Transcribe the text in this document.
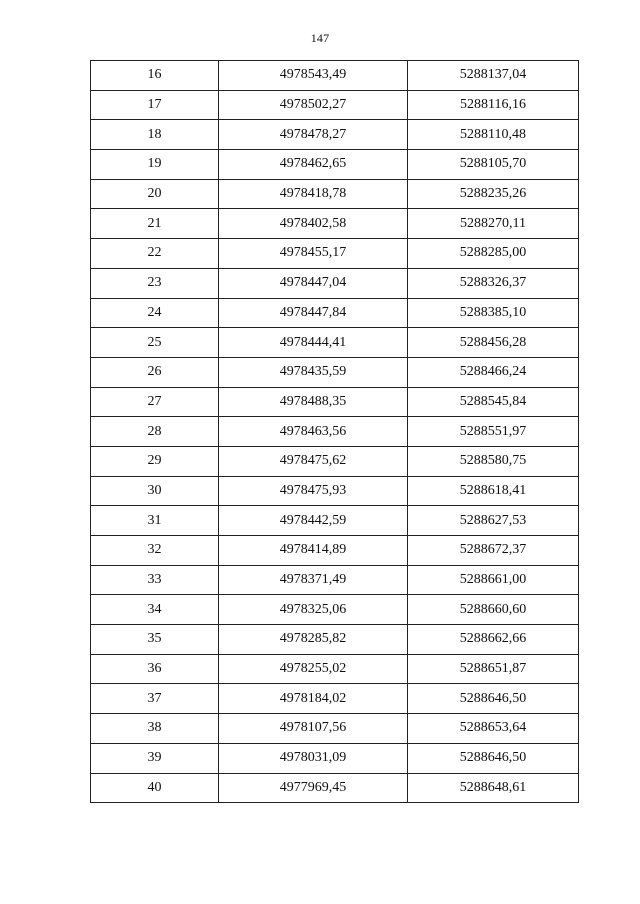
147
16	4978543,49	5288137,04
17	4978502,27	5288116,16
18	4978478,27	5288110,48
19	4978462,65	5288105,70
20	4978418,78	5288235,26
21	4978402,58	5288270,11
22	4978455,17	5288285,00
23	4978447,04	5288326,37
24	4978447,84	5288385,10
25	4978444,41	5288456,28
26	4978435,59	5288466,24
27	4978488,35	5288545,84
28	4978463,56	5288551,97
29	4978475,62	5288580,75
30	4978475,93	5288618,41
31	4978442,59	5288627,53
32	4978414,89	5288672,37
33	4978371,49	5288661,00
34	4978325,06	5288660,60
35	4978285,82	5288662,66
36	4978255,02	5288651,87
37	4978184,02	5288646,50
38	4978107,56	5288653,64
39	4978031,09	5288646,50
40	4977969,45	5288648,61
